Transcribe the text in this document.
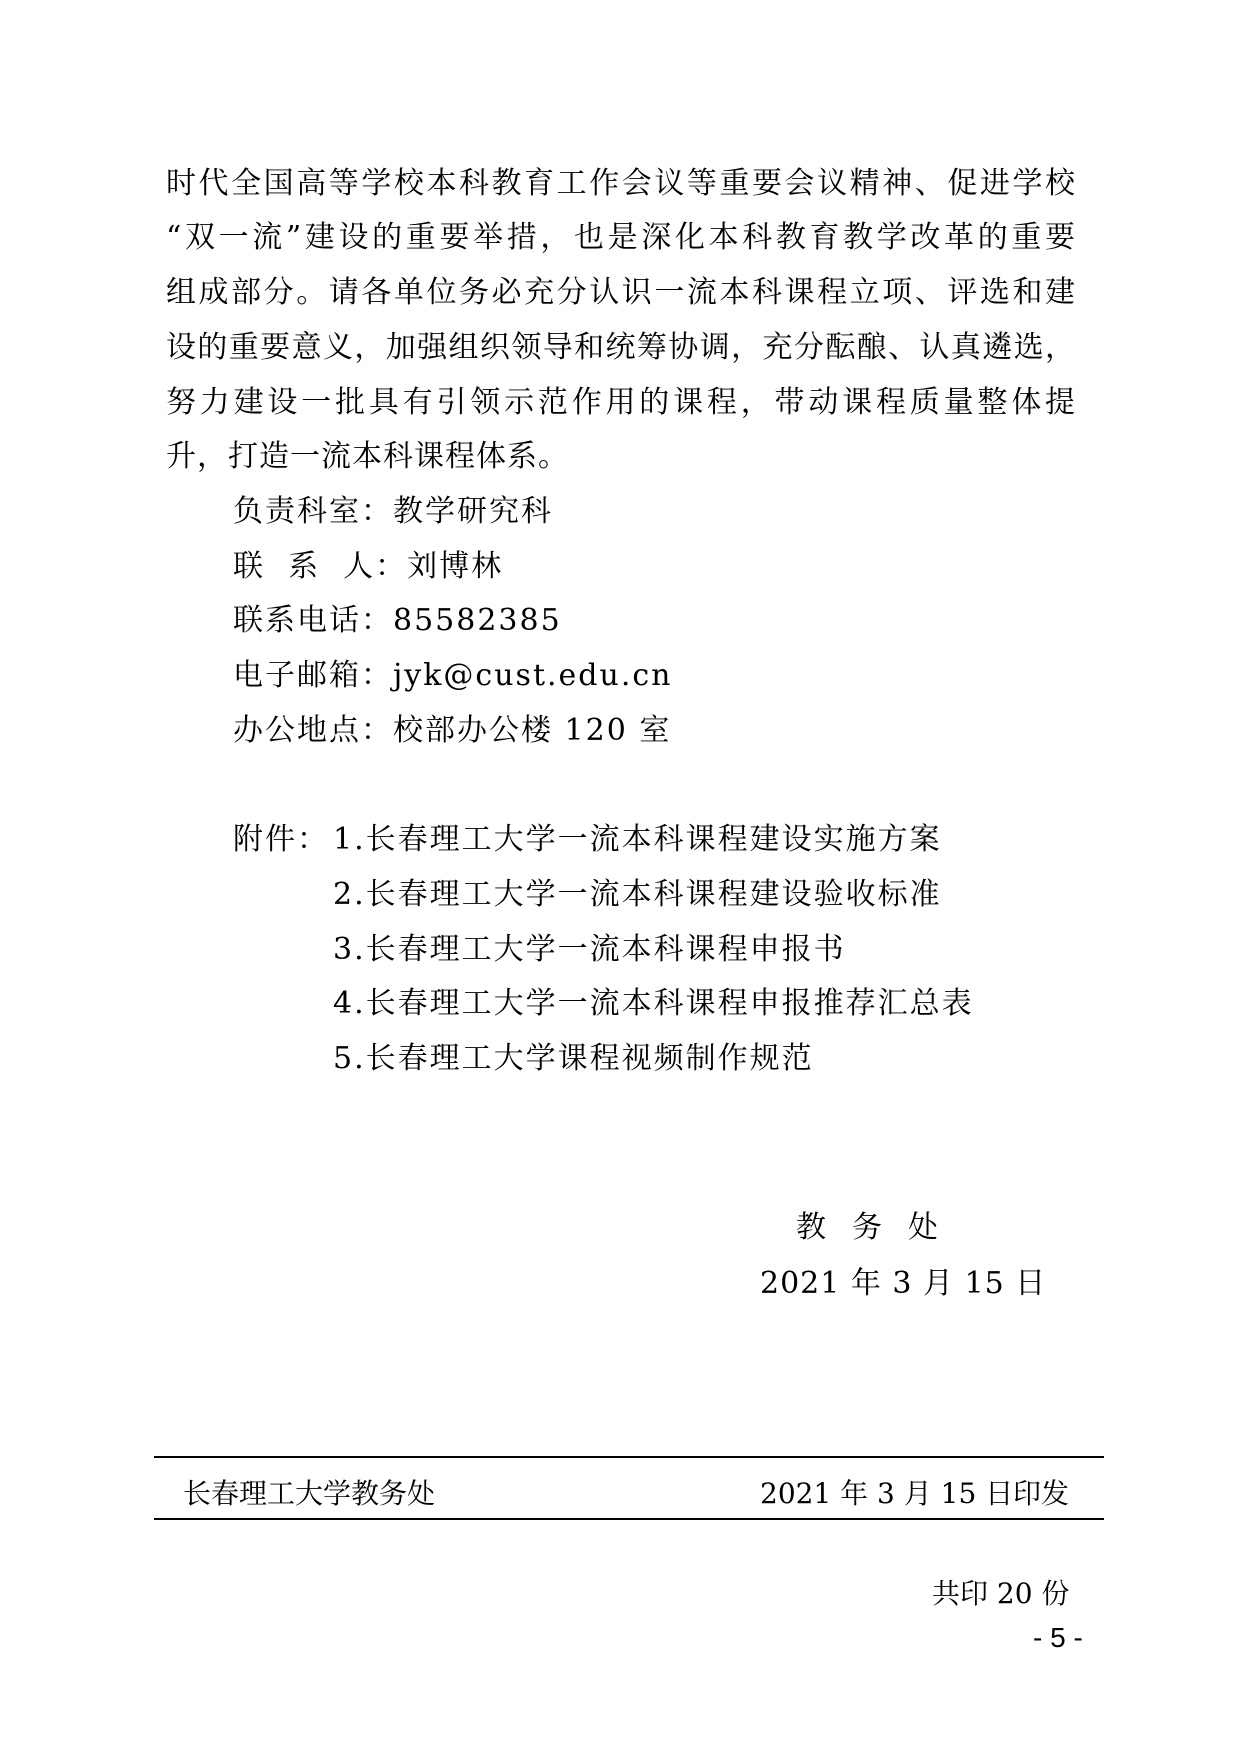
时代全国高等学校本科教育工作会议等重要会议精神、促进学校
“双一流”建设的重要举措，也是深化本科教育教学改革的重要
组成部分。请各单位务必充分认识一流本科课程立项、评选和建
设的重要意义，加强组织领导和统筹协调，充分酝酿、认真遴选，
努力建设一批具有引领示范作用的课程，带动课程质量整体提
升，打造一流本科课程体系。
负责科室：教学研究科
联  系  人：刘博林
联系电话：85582385
电子邮箱：jyk@cust.edu.cn
办公地点：校部办公楼 120 室
附件： 1.长春理工大学一流本科课程建设实施方案
2.长春理工大学一流本科课程建设验收标准
3.长春理工大学一流本科课程申报书
4.长春理工大学一流本科课程申报推荐汇总表
5.长春理工大学课程视频制作规范
教务处
2021 年 3 月 15 日
长春理工大学教务处	2021 年 3 月 15 日 印发
共印 20 份
- 5 -
